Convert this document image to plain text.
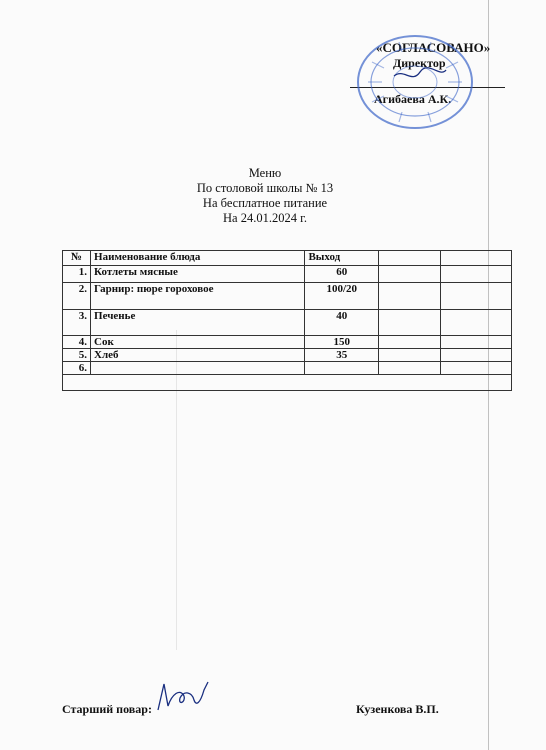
«СОГЛАСОВАНО»
Директор
Агибаева А.К.
Меню
По столовой школы № 13
На бесплатное питание
На 24.01.2024 г.
№	Наименование блюда	Выход		
1.	Котлеты мясные	60		
2.	Гарнир: пюре гороховое	100/20		
3.	Печенье	40		
4.	Сок	150		
5.	Хлеб	35		
6.				

Старший повар:	Кузенкова В.П.
